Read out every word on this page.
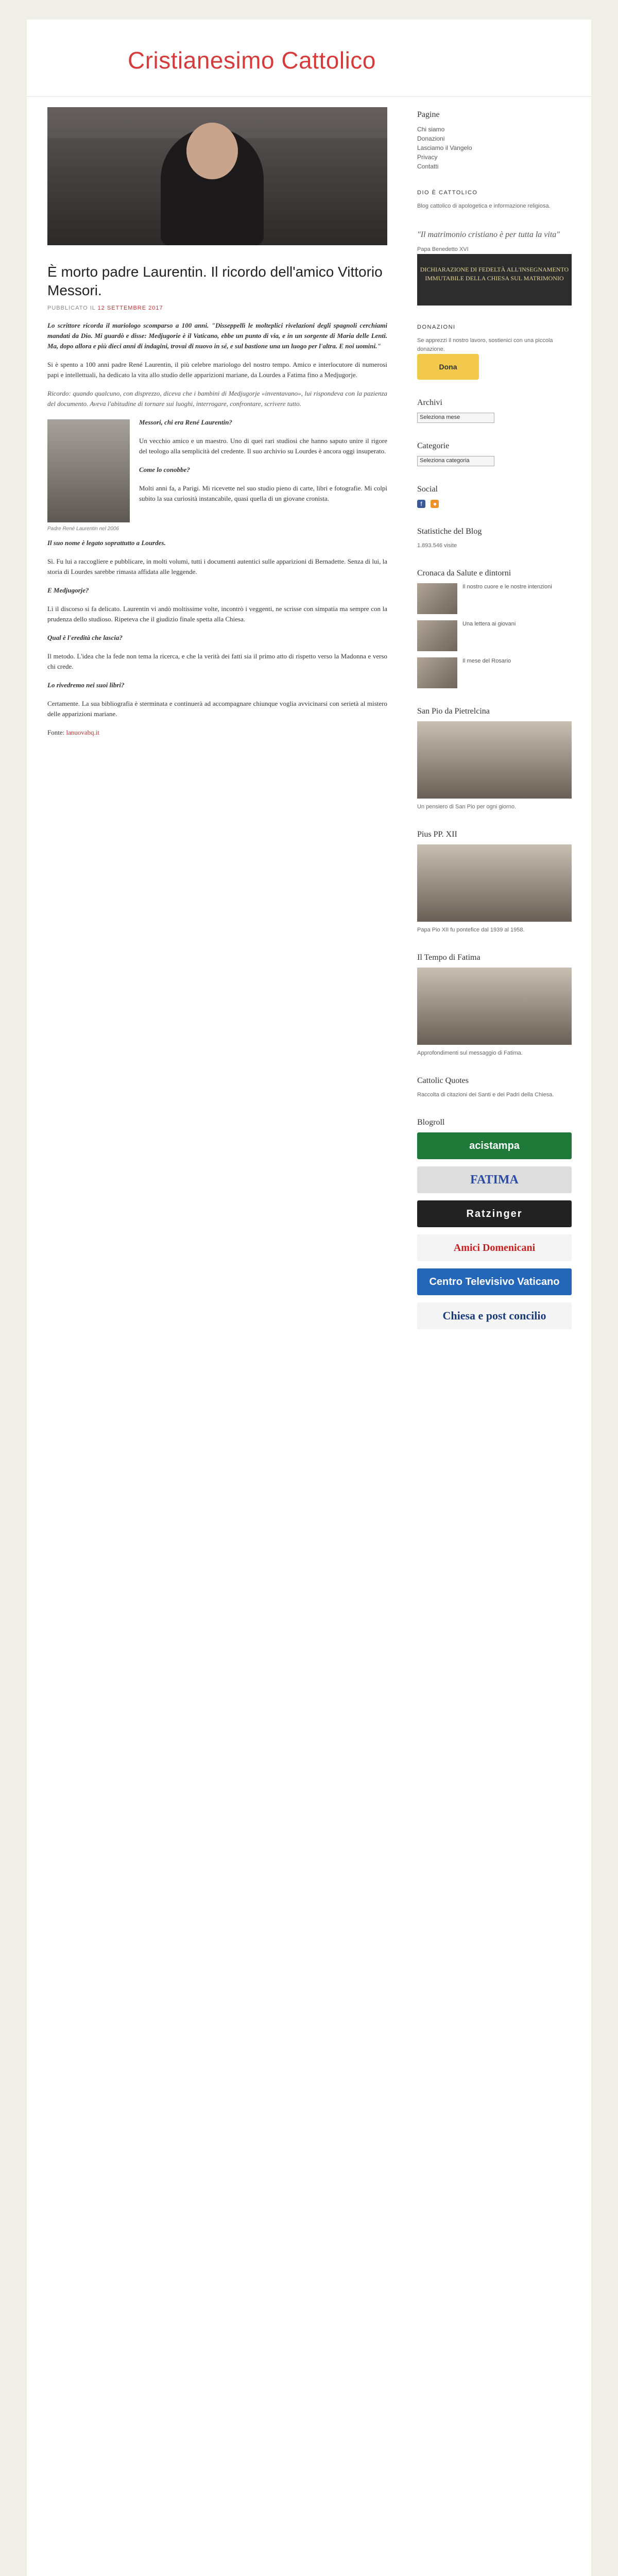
Cristianesimo Cattolico
È morto padre Laurentin. Il ricordo dell'amico Vittorio Messori.
PUBBLICATO IL 12 SETTEMBRE 2017

Lo scrittore ricorda il mariologo scomparso a 100 anni. "Disseppellì le molteplici rivelazioni degli spagnoli cerchiami mandati da Dio. Mi guardò e disse: Medjugorie è il Vaticano, ebbe un punto di via, e in un sorgente di Maria delle Lenti. Ma, dopo allora e più dieci anni di indagini, trovai di nuovo in sé, e sul bastione una un luogo per l'altra. E noi uomini."

Si è spento a 100 anni padre René Laurentin, il più celebre mariologo del nostro tempo. Amico e interlocutore di numerosi papi e intellettuali, ha dedicato la vita allo studio delle apparizioni mariane, da Lourdes a Fatima fino a Medjugorje.

Ricordo: quando qualcuno, con disprezzo, diceva che i bambini di Medjugorje «inventavano», lui rispondeva con la pazienza del documento. Aveva l'abitudine di tornare sui luoghi, interrogare, confrontare, scrivere tutto.

Padre René Laurentin nel 2006

Messori, chi era René Laurentin?

Un vecchio amico e un maestro. Uno di quei rari studiosi che hanno saputo unire il rigore del teologo alla semplicità del credente. Il suo archivio su Lourdes è ancora oggi insuperato.

Come lo conobbe?

Molti anni fa, a Parigi. Mi ricevette nel suo studio pieno di carte, libri e fotografie. Mi colpì subito la sua curiosità instancabile, quasi quella di un giovane cronista.

Il suo nome è legato soprattutto a Lourdes.

Sì. Fu lui a raccogliere e pubblicare, in molti volumi, tutti i documenti autentici sulle apparizioni di Bernadette. Senza di lui, la storia di Lourdes sarebbe rimasta affidata alle leggende.

E Medjugorje?

Lì il discorso si fa delicato. Laurentin vi andò moltissime volte, incontrò i veggenti, ne scrisse con simpatia ma sempre con la prudenza dello studioso. Ripeteva che il giudizio finale spetta alla Chiesa.

Qual è l'eredità che lascia?

Il metodo. L'idea che la fede non tema la ricerca, e che la verità dei fatti sia il primo atto di rispetto verso la Madonna e verso chi crede.

Lo rivedremo nei suoi libri?

Certamente. La sua bibliografia è sterminata e continuerà ad accompagnare chiunque voglia avvicinarsi con serietà al mistero delle apparizioni mariane.

Fonte: lanuovabq.it

Pagine
Chi siamo
Donazioni
Lasciamo il Vangelo
Privacy
Contatti
DIO È CATTOLICO
Blog cattolico di apologetica e informazione religiosa.
"Il matrimonio cristiano è per tutta la vita"
Papa Benedetto XVI
DICHIARAZIONE DI FEDELTÀ ALL'INSEGNAMENTO IMMUTABILE DELLA CHIESA SUL MATRIMONIO
DONAZIONI
Se apprezzi il nostro lavoro, sostienici con una piccola donazione.
Dona
Archivi
Seleziona mese
Categorie
Seleziona categoria
Social
f ●
Statistiche del Blog
1.893.546 visite
Cronaca da Salute e dintorni
Il nostro cuore e le nostre intenzioni
Una lettera ai giovani
Il mese del Rosario
San Pio da Pietrelcina
Un pensiero di San Pio per ogni giorno.
Pius PP. XII
Papa Pio XII fu pontefice dal 1939 al 1958.
Il Tempo di Fatima
Approfondimenti sul messaggio di Fatima.
Cattolic Quotes
Raccolta di citazioni dei Santi e dei Padri della Chiesa.
Blogroll
acistampa
FATIMA
Ratzinger
Amici Domenicani
Centro Televisivo Vaticano
Chiesa e post concilio
